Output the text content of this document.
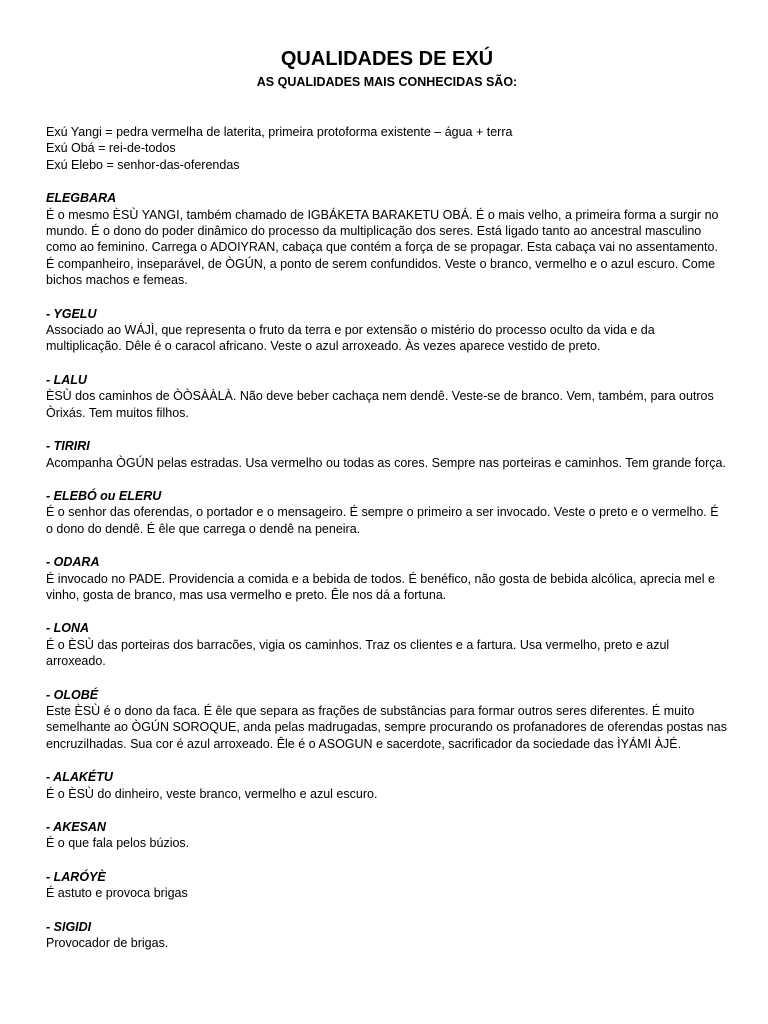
QUALIDADES DE EXÚ
AS QUALIDADES MAIS CONHECIDAS SÃO:
Exú Yangi = pedra vermelha de laterita, primeira protoforma existente – água + terra
Exú Obá = rei-de-todos
Exú Elebo = senhor-das-oferendas
ELEGBARA

É o mesmo ÈSÙ YANGI, também chamado de IGBÁKETA BARAKETU OBÁ. É o mais velho, a primeira forma a surgir no mundo. É o dono do poder dinâmico do processo da multiplicação dos seres. Está ligado tanto ao ancestral masculino como ao feminino. Carrega o ADOIYRAN, cabaça que contém a força de se propagar. Esta cabaça vai no assentamento. É companheiro, inseparável, de ÒGÚN, a ponto de serem confundidos. Veste o branco, vermelho e o azul escuro. Come bichos machos e femeas.

- YGELU

Associado ao WÁJÌ, que representa o fruto da terra e por extensão o mistério do processo oculto da vida e da multiplicação. Dêle é o caracol africano. Veste o azul arroxeado. Às vezes aparece vestido de preto.

- LALU

ÈSÙ dos caminhos de ÒÒSÀÀLÀ. Não deve beber cachaça nem dendê. Veste-se de branco. Vem, também, para outros Òrixás. Tem muitos filhos.

- TIRIRI

Acompanha ÒGÚN pelas estradas. Usa vermelho ou todas as cores. Sempre nas porteiras e caminhos. Tem grande força.

- ELEBÓ ou ELERU

É o senhor das oferendas, o portador e o mensageiro. É sempre o primeiro a ser invocado. Veste o preto e o vermelho. É o dono do dendê. É êle que carrega o dendê na peneira.

- ODARA

É invocado no PADE. Providencia a comida e a bebida de todos. É benéfico, não gosta de bebida alcólica, aprecia mel e vinho, gosta de branco, mas usa vermelho e preto. Êle nos dá a fortuna.

- LONA

É o ÈSÙ das porteiras dos barracões, vigia os caminhos. Traz os clientes e a fartura. Usa vermelho, preto e azul arroxeado.

- OLOBÉ

Este ÈSÙ é o dono da faca. É êle que separa as frações de substâncias para formar outros seres diferentes. É muito semelhante ao ÒGÚN SOROQUE, anda pelas madrugadas, sempre procurando os profanadores de oferendas postas nas encruzilhadas. Sua cor é azul arroxeado. Êle é o ASOGUN e sacerdote, sacrificador da sociedade das ÌYÁMI ÀJÉ.

- ALAKÉTU

É o ÈSÙ do dinheiro, veste branco, vermelho e azul escuro.

- AKESAN

É o que fala pelos búzios.

- LARÓYÈ

É astuto e provoca brigas

- SIGIDI

Provocador de brigas.
